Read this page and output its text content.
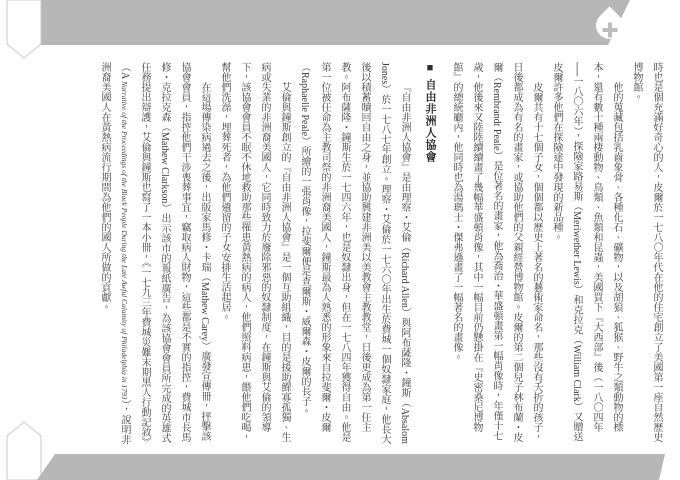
時也是個充滿好奇心的人，皮爾於一七八〇年代在他的住宅創立了美國第一座自然歷史博物館。

他的蒐藏包括乳齒象骨、各種化石、礦物，以及胡狼、狐猴、野牛之類動物的標本，還有數十種兩棲動物、鳥類、魚類和昆蟲，美國買下『大西部』後（一八〇四年──一八〇六年），探險家路易斯（Meriwether Lewis）和克拉克（William Clark）又贈送皮爾許多他們在探險途中發現的新品種。

皮爾共有十七個子女，個個都以歷史上著名的藝術家命名，那些沒有夭折的孩子，日後都成為有名的畫家，或協助他們的父親經營博物館。皮爾的第二個兒子林布蘭・皮爾（Rembrandt Peale）是位著名的畫家，他為喬治・華盛頓畫第一幅肖像時，年僅十七歲，他後來又陸陸續續畫了幾幅華盛頓肖像，其中一幅目前仍懸掛在『史密桑尼博物館』的總統廳內，他同時也為湯瑪士・傑弗遜畫了一幅著名的畫像。

■ 自由非洲人協會

『自由非洲人協會』是由理察・艾倫（Richard Allen）與阿布薩隆・鐘斯（Absalom Jones）於一七八七年創立。理察・艾倫於一七六〇年出生於費城一個奴隸家庭，他長大後以積蓄贖回自由之身，並協助興建非洲美以美教會主教教堂，日後更成為第一任主教。阿布薩隆・鐘斯生於一七四六年，也是奴隸出身，但在一七八四年獲得自由。他是第一位被任命為主教司祭的非洲裔美國人，鐘斯最為人熟悉的形象來自拉斐爾・皮爾（Raphaelle Peale）所繪的一張肖像，拉斐爾便是查爾斯・威爾森・皮爾的長子。

艾倫與鐘斯創立的『自由非洲人協會』是一個互助組織，目的是援助鰥寡孤獨、生病或失業的非洲裔美國人，它同時致力於廢除邪惡的奴隸制度，在鐘斯與艾倫的領導下，該協會會員不眠不休地救助那些罹患黃熱病的病人，他們照料病患，餵他們吃喝，幫他們洗澡，埋葬死者，為他們遺留的子女安排生活起居。

在這場傳染病過去之後，出版家馬修・卡瑞（Mathew Carey）廣發宣傳冊，抨擊該協會會員，指控他們干涉喪葬事宜，竊取病人財物，這些都是不實的指控，費城市長馬修・克拉克森（Mathew Clarkson）出示該市的報紙廣告，為該協會會員所完成的英雄式任務提出辯護，艾倫與鐘斯也寫了一本小冊，《一七九三年費城災難末期黑人行動記敘》（A Narrative of the Proceedings of the Black People During the Late Awful Calamity of Philadelphia in 1793），說明非洲裔美國人在黃熱病流行期間為他們的國人所做的貢獻。
